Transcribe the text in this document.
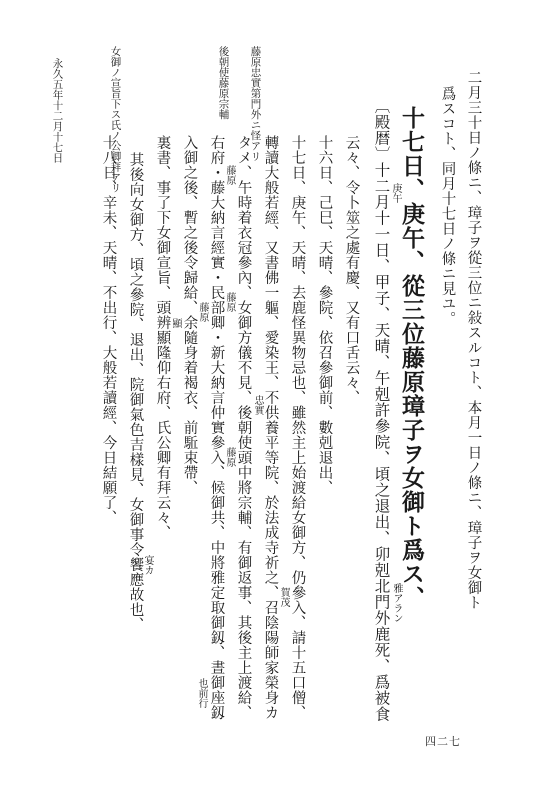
二月三十日ノ條ニ、璋子ヲ從三位ニ敍スルコト、本月一日ノ條ニ、璋子ヲ女御ト
爲スコト、同月十七日ノ條ニ見ユ。
十七日、庚午、從三位藤原璋子ヲ女御ト爲ス、
庚午
〔殿暦〕十二月十一日、甲子、天晴、午剋許參院、頃之退出、卯剋北門外鹿死、爲被食 雅アラン
云々、令卜筮之處有慶、又有口舌云々、
十六日、己巳、天晴、參院、依召參御前、數剋退出、
十七日、庚午、天晴、去鹿怪異物忌也、雖然主上始渡給女御方、仍參入、請十五口僧、
轉讀大般若經、又書佛一軀、愛染王、不供養平等院、於法成寺祈之、召陰陽師家榮身カ 賀茂
タメ、午時着衣冠參內、女御方儀不見、後朝使頭中將宗輔、有御返事、其後主上渡給、 忠實
右府・藤大納言經實・民部卿・新大納言仲實參入、候御共、中將雅定取御釼、晝御座釼 藤原
藤原
藤原
也前行
入御之後、暫之後令歸給、余隨身着褐衣、前駈束帶、 藤原
裏書、事了下女御宣旨、頭辨顯隆仰右府、氏公卿有拜云々、 顯
其後向女御方、頃之參院、退出、院御氣色吉樣見、女御事令饗應故也、
宴カ
十八日、辛未、天晴、不出行、大般若讀經、今日結願了、
藤原忠實第門外ニ怪アリ
後朝使藤原宗輔
女御ノ宣旨下ス氏ノ公卿拜アリ
永久五年十二月十七日
四二七
